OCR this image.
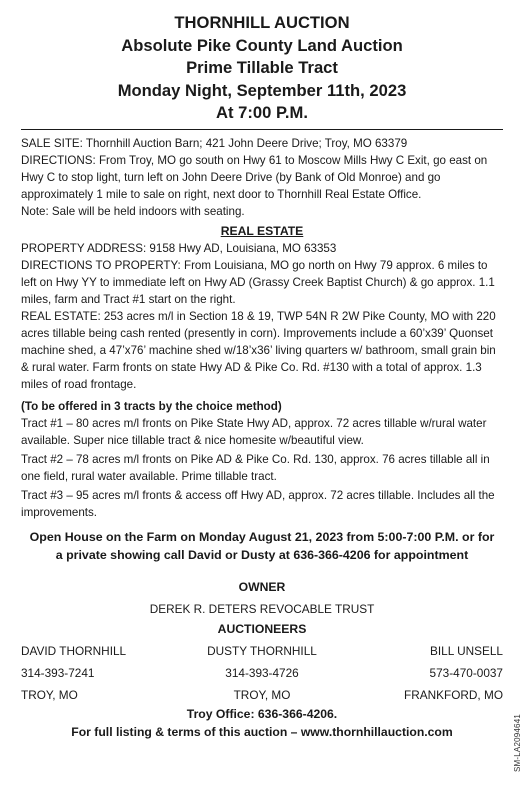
THORNHILL AUCTION
Absolute Pike County Land Auction
Prime Tillable Tract
Monday Night, September 11th, 2023
At 7:00 P.M.

SALE SITE: Thornhill Auction Barn; 421 John Deere Drive; Troy, MO 63379

DIRECTIONS: From Troy, MO go south on Hwy 61 to Moscow Mills Hwy C Exit, go east on Hwy C to stop light, turn left on John Deere Drive (by Bank of Old Monroe) and go approximately 1 mile to sale on right, next door to Thornhill Real Estate Office.

Note: Sale will be held indoors with seating.

REAL ESTATE

PROPERTY ADDRESS: 9158 Hwy AD, Louisiana, MO 63353

DIRECTIONS TO PROPERTY: From Louisiana, MO go north on Hwy 79 approx. 6 miles to left on Hwy YY to immediate left on Hwy AD (Grassy Creek Baptist Church) & go approx. 1.1 miles, farm and Tract #1 start on the right.

REAL ESTATE: 253 acres m/l in Section 18 & 19, TWP 54N R 2W Pike County, MO with 220 acres tillable being cash rented (presently in corn). Improvements include a 60’x39’ Quonset machine shed, a 47’x76’ machine shed w/18’x36’ living quarters w/ bathroom, small grain bin & rural water. Farm fronts on state Hwy AD & Pike Co. Rd. #130 with a total of approx. 1.3 miles of road frontage.

(To be offered in 3 tracts by the choice method)

Tract #1 – 80 acres m/l fronts on Pike State Hwy AD, approx. 72 acres tillable w/rural water available. Super nice tillable tract & nice homesite w/beautiful view.

Tract #2 – 78 acres m/l fronts on Pike AD & Pike Co. Rd. 130, approx. 76 acres tillable all in one field, rural water available. Prime tillable tract.

Tract #3 – 95 acres m/l fronts & access off Hwy AD, approx. 72 acres tillable. Includes all the improvements.

Open House on the Farm on Monday August 21, 2023 from 5:00-7:00 P.M. or for
a private showing call David or Dusty at 636-366-4206 for appointment
OWNER
DEREK R. DETERS REVOCABLE TRUST
AUCTIONEERS
DAVID THORNHILL
314-393-7241
TROY, MO
DUSTY THORNHILL
314-393-4726
TROY, MO
BILL UNSELL
573-470-0037
FRANKFORD, MO
Troy Office: 636-366-4206.
For full listing & terms of this auction – www.thornhillauction.com	SM-LA2094641
